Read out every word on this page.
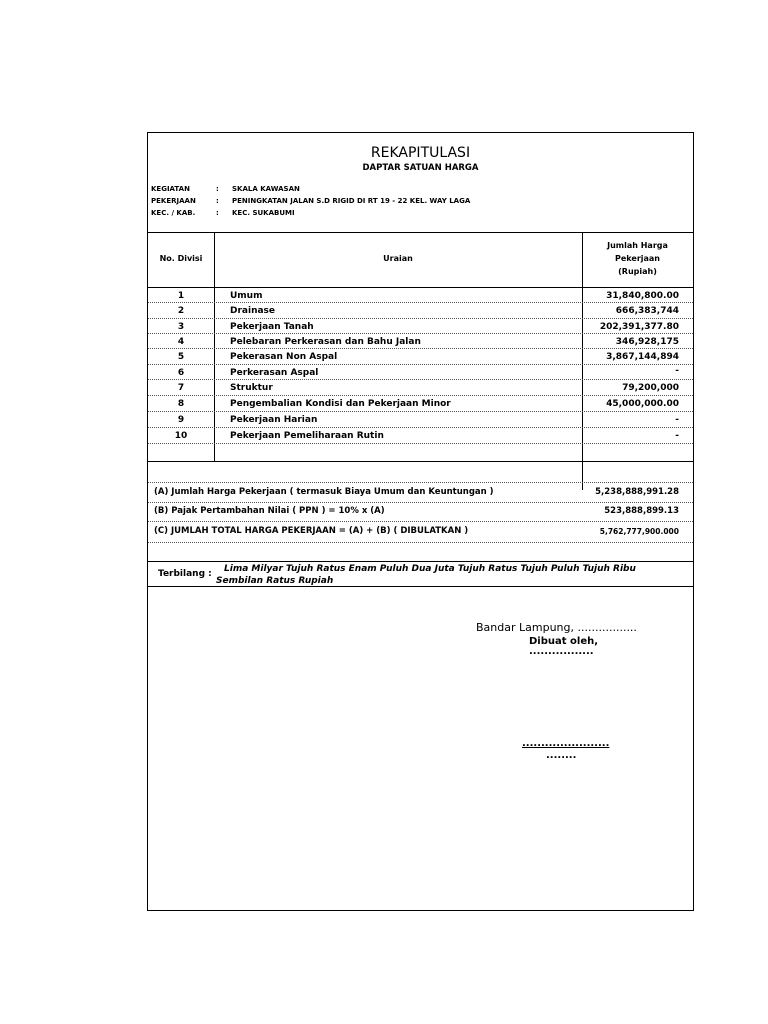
REKAPITULASI
DAPTAR SATUAN HARGA
KEGIATAN	: SKALA KAWASAN
PEKERJAAN	: PENINGKATAN JALAN S.D RIGID DI RT 19 - 22 KEL. WAY LAGA
KEC. / KAB.	: KEC. SUKABUMI
No. Divisi	Uraian
Jumlah Harga
Pekerjaan
(Rupiah)
1	Umum	31,840,800.00
2	Drainase	666,383,744
3	Pekerjaan Tanah	202,391,377.80
4	Pelebaran Perkerasan dan Bahu Jalan	346,928,175
5	Pekerasan Non Aspal	3,867,144,894
6	Perkerasan Aspal	-
7	Struktur	79,200,000
8	Pengembalian Kondisi dan Pekerjaan Minor	45,000,000.00
9	Pekerjaan Harian	-
10	Pekerjaan Pemeliharaan Rutin	-
(A) Jumlah Harga Pekerjaan ( termasuk Biaya Umum dan Keuntungan )	5,238,888,991.28
(B) Pajak Pertambahan Nilai ( PPN ) = 10% x (A)	523,888,899.13
(C) JUMLAH TOTAL HARGA PEKERJAAN = (A) + (B) ( DIBULATKAN )	5,762,777,900.000
Terbilang : Lima Milyar Tujuh Ratus Enam Puluh Dua Juta Tujuh Ratus Tujuh Puluh Tujuh Ribu
Sembilan Ratus Rupiah
Bandar Lampung, .................
Dibuat oleh,
.................
.......................
........
